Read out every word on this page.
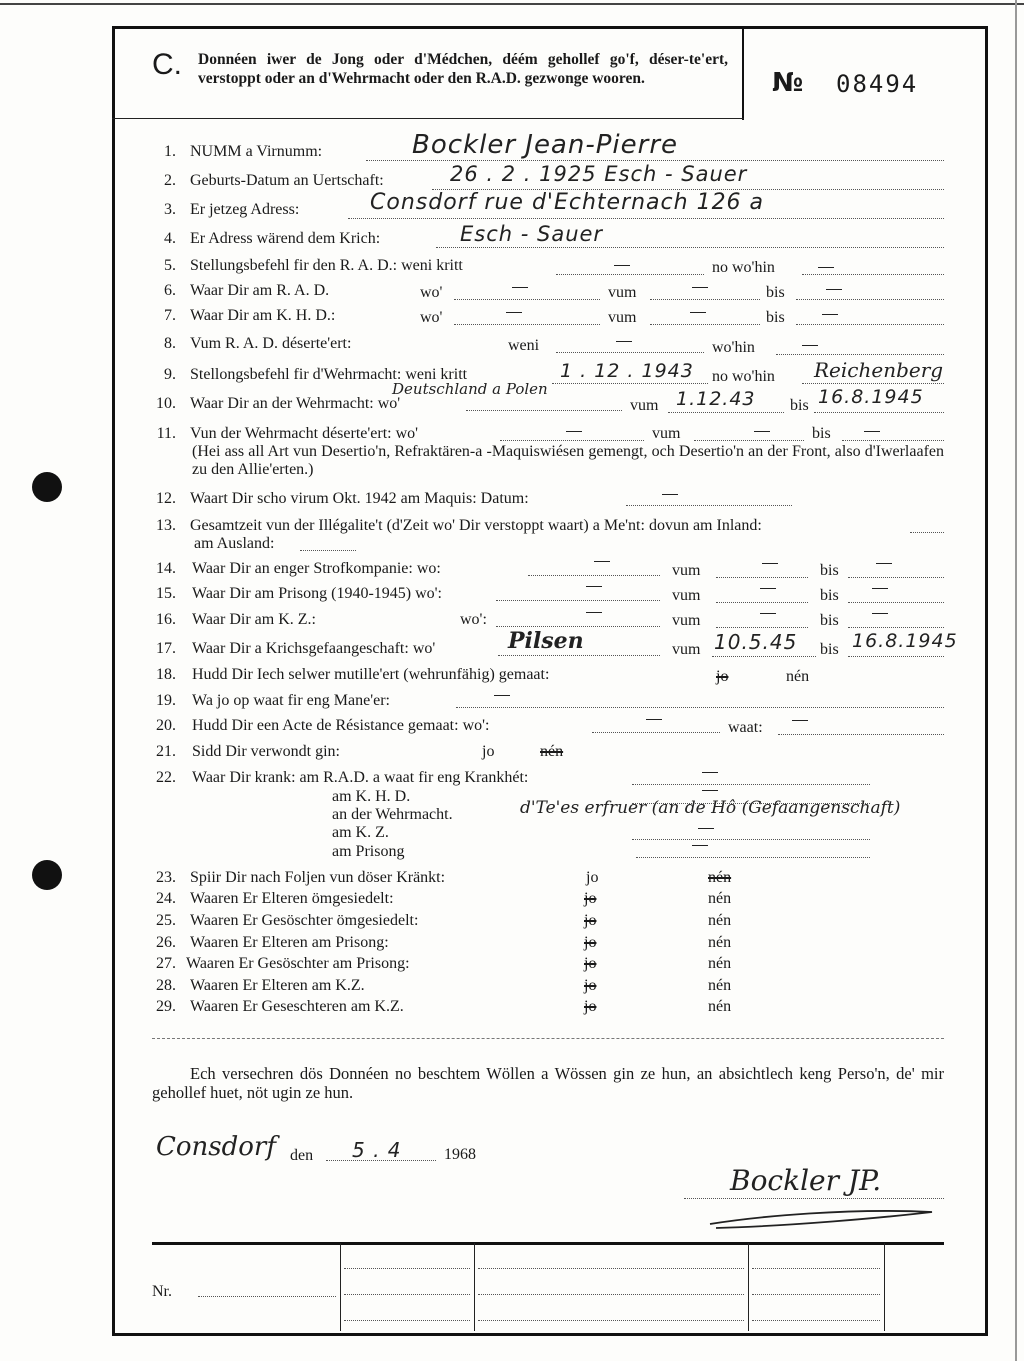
C. Donnéen iwer de Jong oder d'Médchen, déém gehollef go'f, déser-te'ert, verstoppt oder an d'Wehrmacht oder den R.A.D. gezwonge wooren.	№ 08494
1. NUMM a Virnumm:	Bockler Jean-Pierre
2. Geburts-Datum an Uertschaft:	26 . 2 . 1925 Esch - Sauer
3. Er jetzeg Adress:	Consdorf rue d'Echternach 126 a
4. Er Adress wärend dem Krich:	Esch - Sauer
5. Stellungsbefehl fir den R. A. D.: weni kritt	no wo'hin
6. Waar Dir am R. A. D.	wo'	vum	bis
7. Waar Dir am K. H. D.:	wo'	vum	bis
8. Vum R. A. D. déserte'ert:	weni	wo'hin
9. Stellongsbefehl fir d'Wehrmacht: weni kritt	1 . 12 . 1943 no wo'hin Reichenberg
10. Waar Dir an der Wehrmacht: wo'
Deutschland a Polen
vum 1.12.43 bis 16.8.1945
11. Vun der Wehrmacht déserte'ert: wo'	vum	bis
(Hei ass all Art vun Desertio'n, Refraktären-a -Maquiswiésen gemengt, och Desertio'n an der Front, also d'Iwerlaafen zu den Allie'erten.)
12. Waart Dir scho virum Okt. 1942 am Maquis: Datum:
13. Gesamtzeit vun der Illégalite't (d'Zeit wo' Dir verstoppt waart) a Me'nt: dovun am Inland:
am Ausland:
14. Waar Dir an enger Strofkompanie: wo:	vum	bis
15. Waar Dir am Prisong (1940-1945) wo':	vum	bis
16. Waar Dir am K. Z.:	wo':	vum	bis
17. Waar Dir a Krichsgefaangeschaft: wo'	Pilsen	vum 10.5.45 bis 16.8.1945
18. Hudd Dir Iech selwer mutille'ert (wehrunfähig) gemaat:	jo	nén
19. Wa jo op waat fir eng Mane'er:
20. Hudd Dir een Acte de Résistance gemaat: wo':	waat:
21. Sidd Dir verwondt gin:	jo	nén
22. Waar Dir krank: am R.A.D. a waat fir eng Krankhét:
am K. H. D.
an der Wehrmacht.	d'Te'es erfruer (an de Hô (Gefaangenschaft)
am K. Z.
am Prisong
23. Spiir Dir nach Foljen vun döser Kränkt:	jo	nén
24. Waaren Er Elteren ömgesiedelt:	jo	nén
25. Waaren Er Gesöschter ömgesiedelt:	jo	nén
26. Waaren Er Elteren am Prisong:	jo	nén
27. Waaren Er Gesöschter am Prisong:	jo	nén
28. Waaren Er Elteren am K.Z.	jo	nén
29. Waaren Er Geseschteren am K.Z.	jo	nén
Ech versechren dös Donnéen no beschtem Wöllen a Wössen gin ze hun, an absichtlech keng Perso'n, de' mir gehollef huet, nöt ugin ze hun.
Consdorf den 5 . 4	1968
Bockler JP.
Nr.
